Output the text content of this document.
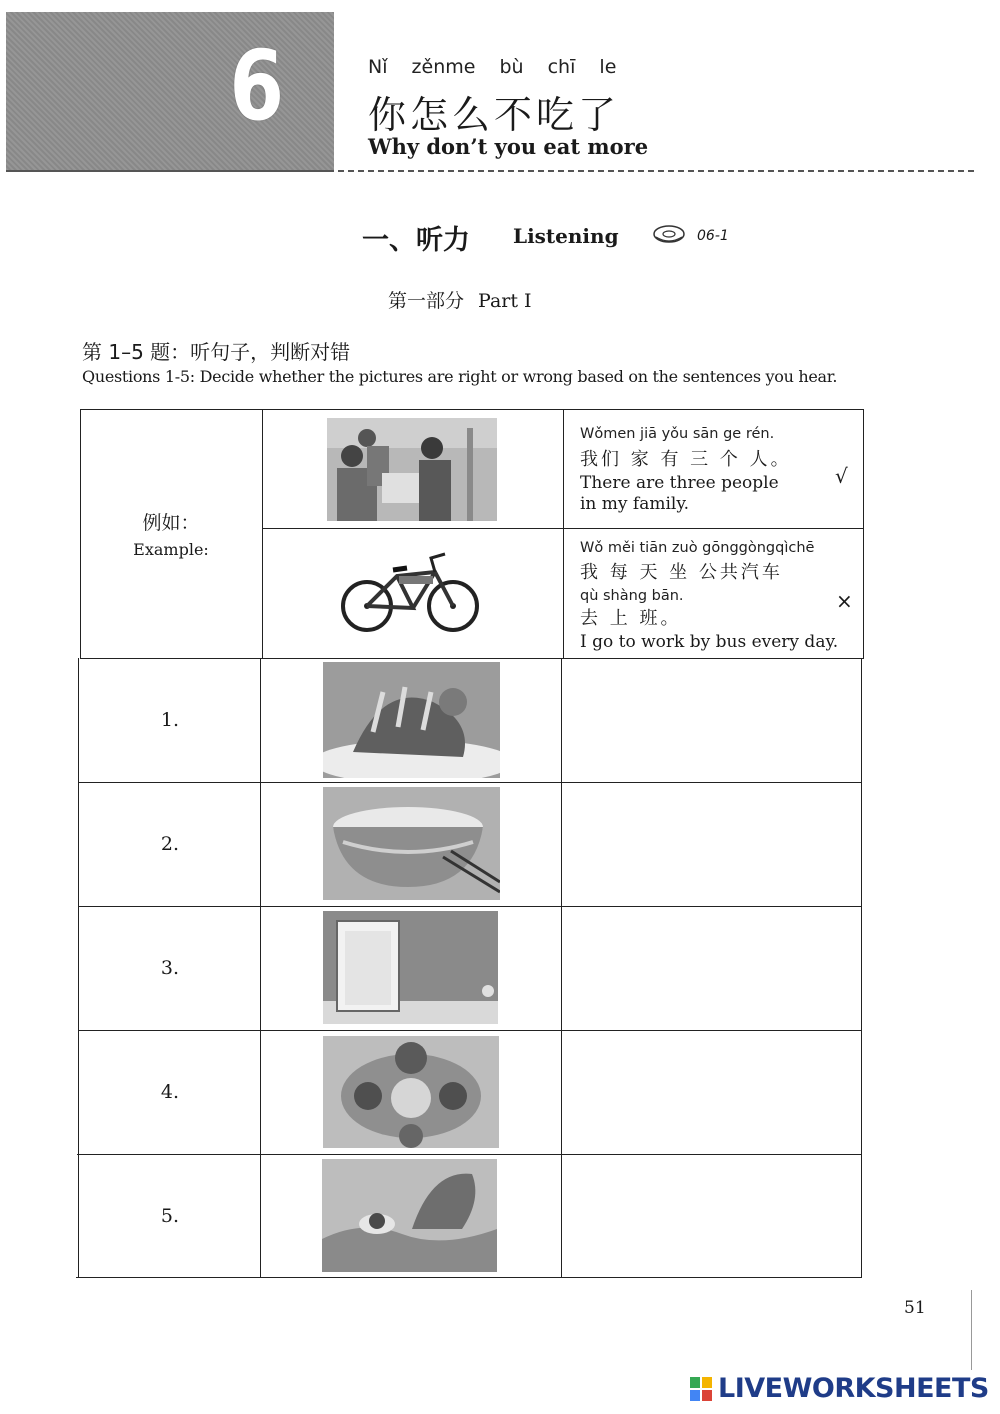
6	Nǐ zěnme bù chī le
你怎么不吃了
Why don’t you eat more
一、听力 Listening	06-1
第一部分 Part Ⅰ
第 1–5 题：听句子，判断对错
Questions 1-5: Decide whether the pictures are right or wrong based on the sentences you hear.
例如：
Example:
Wǒmen jiā yǒu sān ge rén.
我们 家 有 三 个 人。
There are three people in my family.
√
Wǒ měi tiān zuò gōnggòngqìchē
我 每 天 坐 公共汽车
qù shàng bān.
去 上 班。
I go to work by bus every day.
×
1.
2.
3.
4.
5.
51
LIVEWORKSHEETS
